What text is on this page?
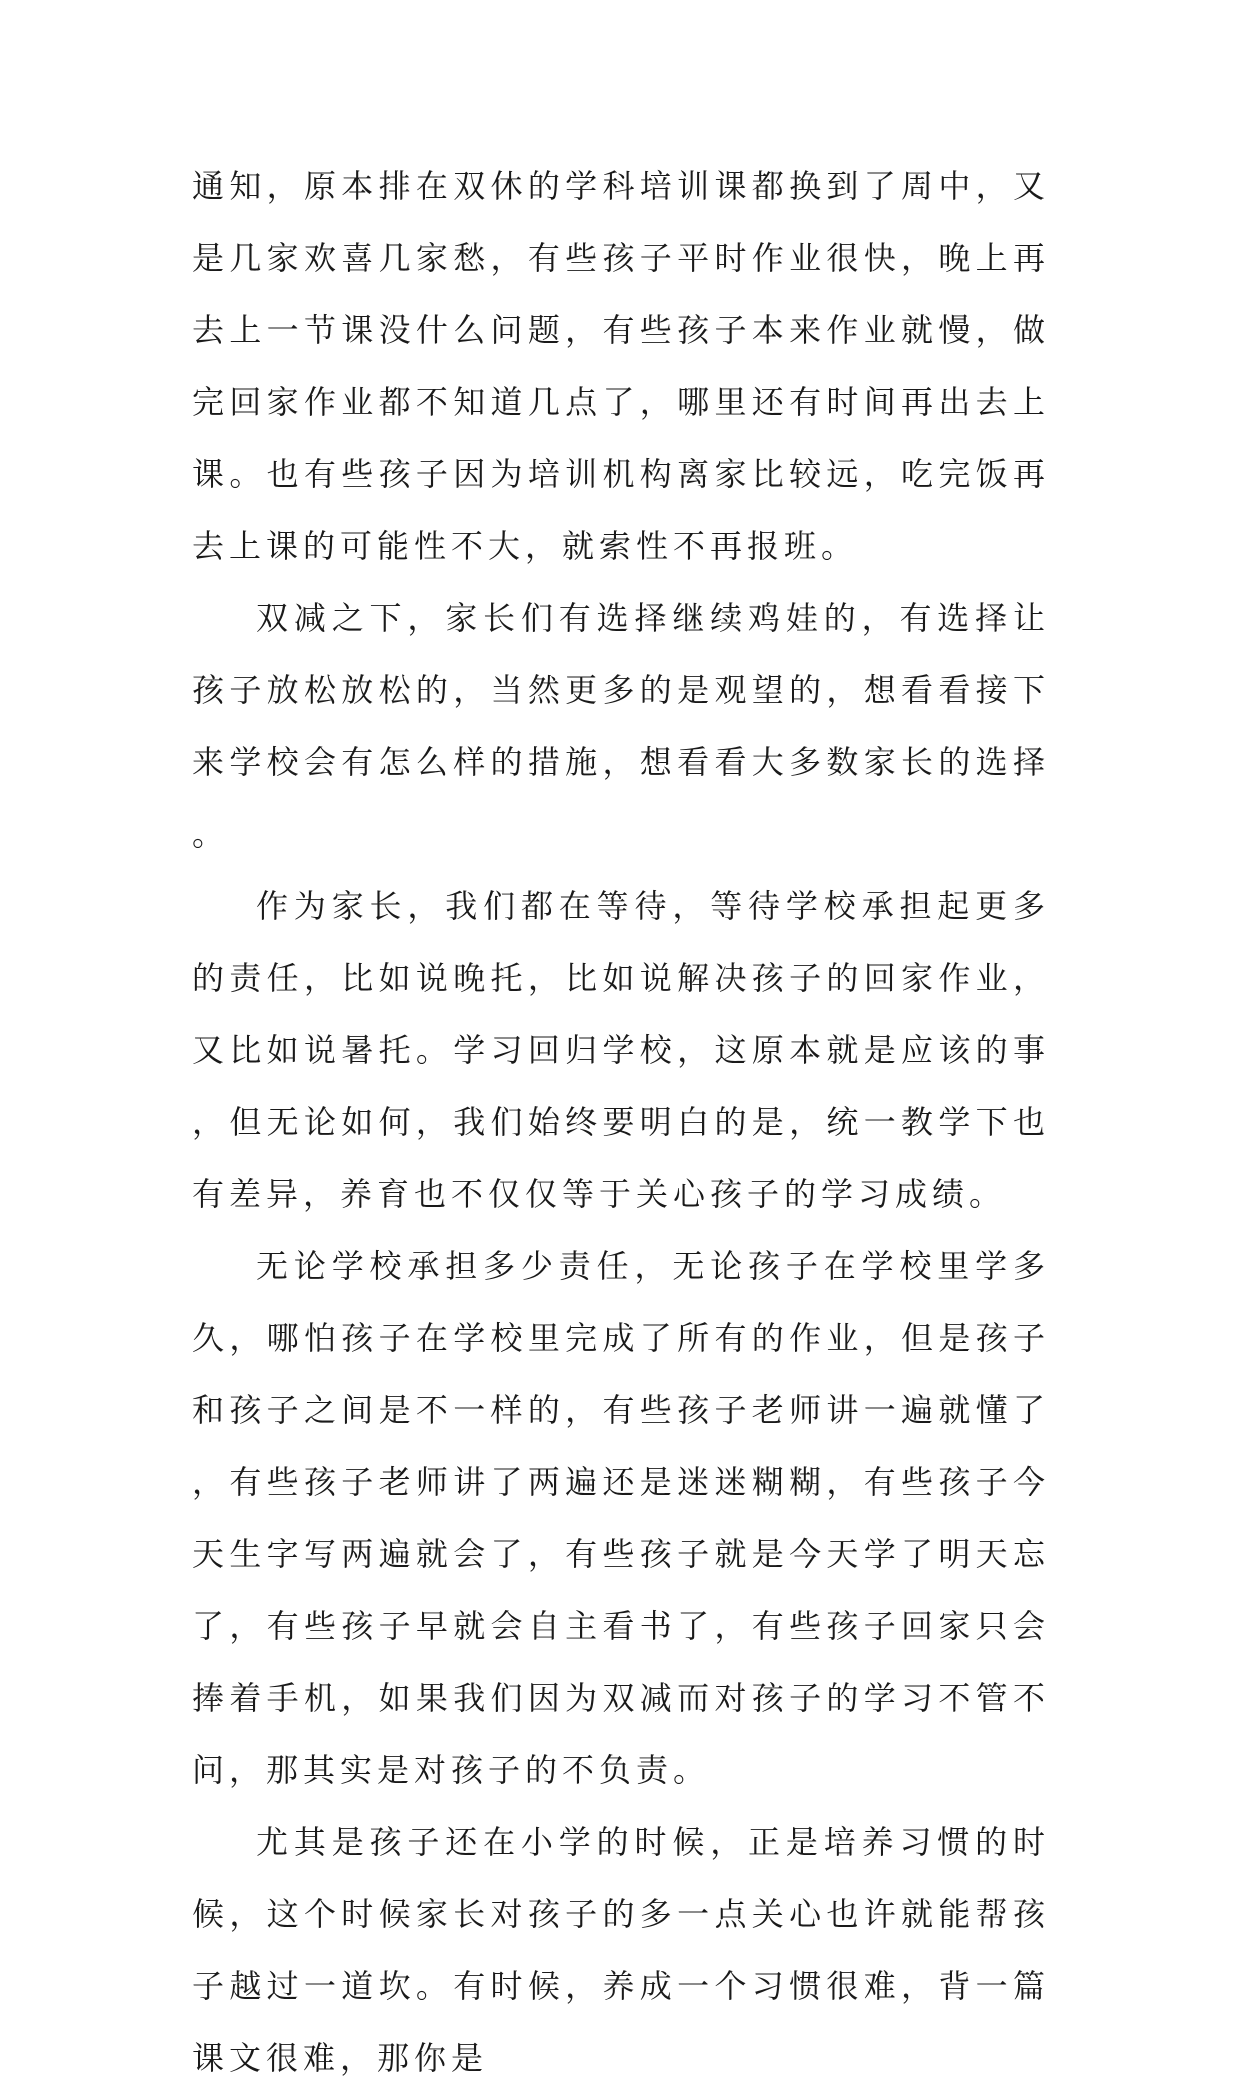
通知，原本排在双休的学科培训课都换到了周中，又是几家欢喜几家愁，有些孩子平时作业很快，晚上再去上一节课没什么问题，有些孩子本来作业就慢，做完回家作业都不知道几点了，哪里还有时间再出去上课。也有些孩子因为培训机构离家比较远，吃完饭再去上课的可能性不大，就索性不再报班。

双减之下，家长们有选择继续鸡娃的，有选择让孩子放松放松的，当然更多的是观望的，想看看接下来学校会有怎么样的措施，想看看大多数家长的选择。

作为家长，我们都在等待，等待学校承担起更多的责任，比如说晚托，比如说解决孩子的回家作业，又比如说暑托。学习回归学校，这原本就是应该的事，但无论如何，我们始终要明白的是，统一教学下也有差异，养育也不仅仅等于关心孩子的学习成绩。

无论学校承担多少责任，无论孩子在学校里学多久，哪怕孩子在学校里完成了所有的作业，但是孩子和孩子之间是不一样的，有些孩子老师讲一遍就懂了，有些孩子老师讲了两遍还是迷迷糊糊，有些孩子今天生字写两遍就会了，有些孩子就是今天学了明天忘了，有些孩子早就会自主看书了，有些孩子回家只会捧着手机，如果我们因为双减而对孩子的学习不管不问，那其实是对孩子的不负责。

尤其是孩子还在小学的时候，正是培养习惯的时候，这个时候家长对孩子的多一点关心也许就能帮孩子越过一道坎。有时候，养成一个习惯很难，背一篇课文很难，那你是
